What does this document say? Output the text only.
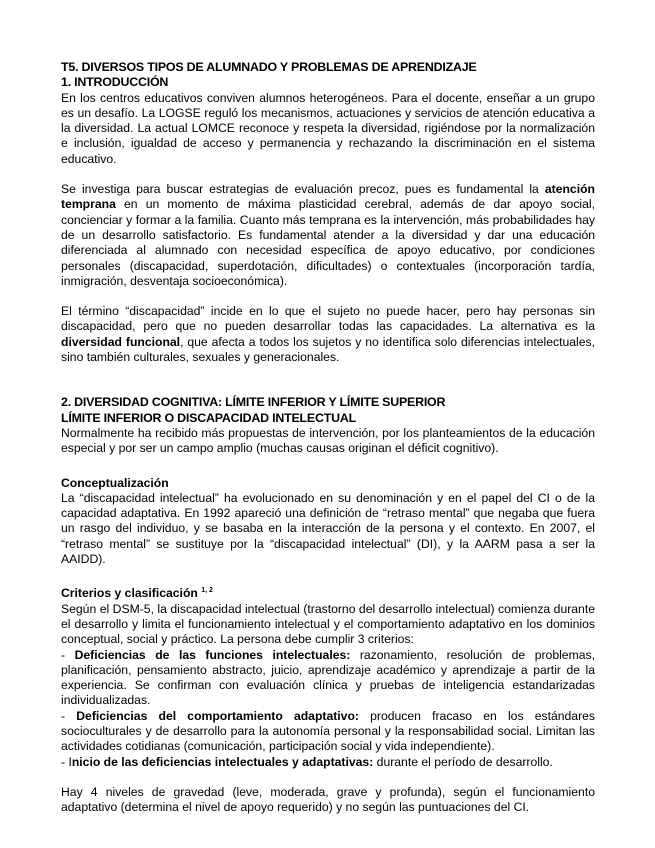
T5. DIVERSOS TIPOS DE ALUMNADO Y PROBLEMAS DE APRENDIZAJE
1. INTRODUCCIÓN

En los centros educativos conviven alumnos heterogéneos. Para el docente, enseñar a un grupo es un desafío. La LOGSE reguló los mecanismos, actuaciones y servicios de atención educativa a la diversidad. La actual LOMCE reconoce y respeta la diversidad, rigiéndose por la normalización e inclusión, igualdad de acceso y permanencia y rechazando la discriminación en el sistema educativo.

Se investiga para buscar estrategias de evaluación precoz, pues es fundamental la atención temprana en un momento de máxima plasticidad cerebral, además de dar apoyo social, concienciar y formar a la familia. Cuanto más temprana es la intervención, más probabilidades hay de un desarrollo satisfactorio. Es fundamental atender a la diversidad y dar una educación diferenciada al alumnado con necesidad específica de apoyo educativo, por condiciones personales (discapacidad, superdotación, dificultades) o contextuales (incorporación tardía, inmigración, desventaja socioeconómica).

El término “discapacidad” incide en lo que el sujeto no puede hacer, pero hay personas sin discapacidad, pero que no pueden desarrollar todas las capacidades. La alternativa es la diversidad funcional, que afecta a todos los sujetos y no identifica solo diferencias intelectuales, sino también culturales, sexuales y generacionales.

2. DIVERSIDAD COGNITIVA: LÍMITE INFERIOR Y LÍMITE SUPERIOR
LÍMITE INFERIOR O DISCAPACIDAD INTELECTUAL

Normalmente ha recibido más propuestas de intervención, por los planteamientos de la educación especial y por ser un campo amplio (muchas causas originan el déficit cognitivo).

Conceptualización

La “discapacidad intelectual” ha evolucionado en su denominación y en el papel del CI o de la capacidad adaptativa. En 1992 apareció una definición de “retraso mental” que negaba que fuera un rasgo del individuo, y se basaba en la interacción de la persona y el contexto. En 2007, el “retraso mental” se sustituye por la “discapacidad intelectual” (DI), y la AARM pasa a ser la AAIDD).

Criterios y clasificación $^{1, 2}$

Según el DSM-5, la discapacidad intelectual (trastorno del desarrollo intelectual) comienza durante el desarrollo y limita el funcionamiento intelectual y el comportamiento adaptativo en los dominios conceptual, social y práctico. La persona debe cumplir 3 criterios:

- Deficiencias de las funciones intelectuales: razonamiento, resolución de problemas, planificación, pensamiento abstracto, juicio, aprendizaje académico y aprendizaje a partir de la experiencia. Se confirman con evaluación clínica y pruebas de inteligencia estandarizadas individualizadas.

- Deficiencias del comportamiento adaptativo: producen fracaso en los estándares socioculturales y de desarrollo para la autonomía personal y la responsabilidad social. Limitan las actividades cotidianas (comunicación, participación social y vida independiente).

- Inicio de las deficiencias intelectuales y adaptativas: durante el período de desarrollo.

Hay 4 niveles de gravedad (leve, moderada, grave y profunda), según el funcionamiento adaptativo (determina el nivel de apoyo requerido) y no según las puntuaciones del CI.
